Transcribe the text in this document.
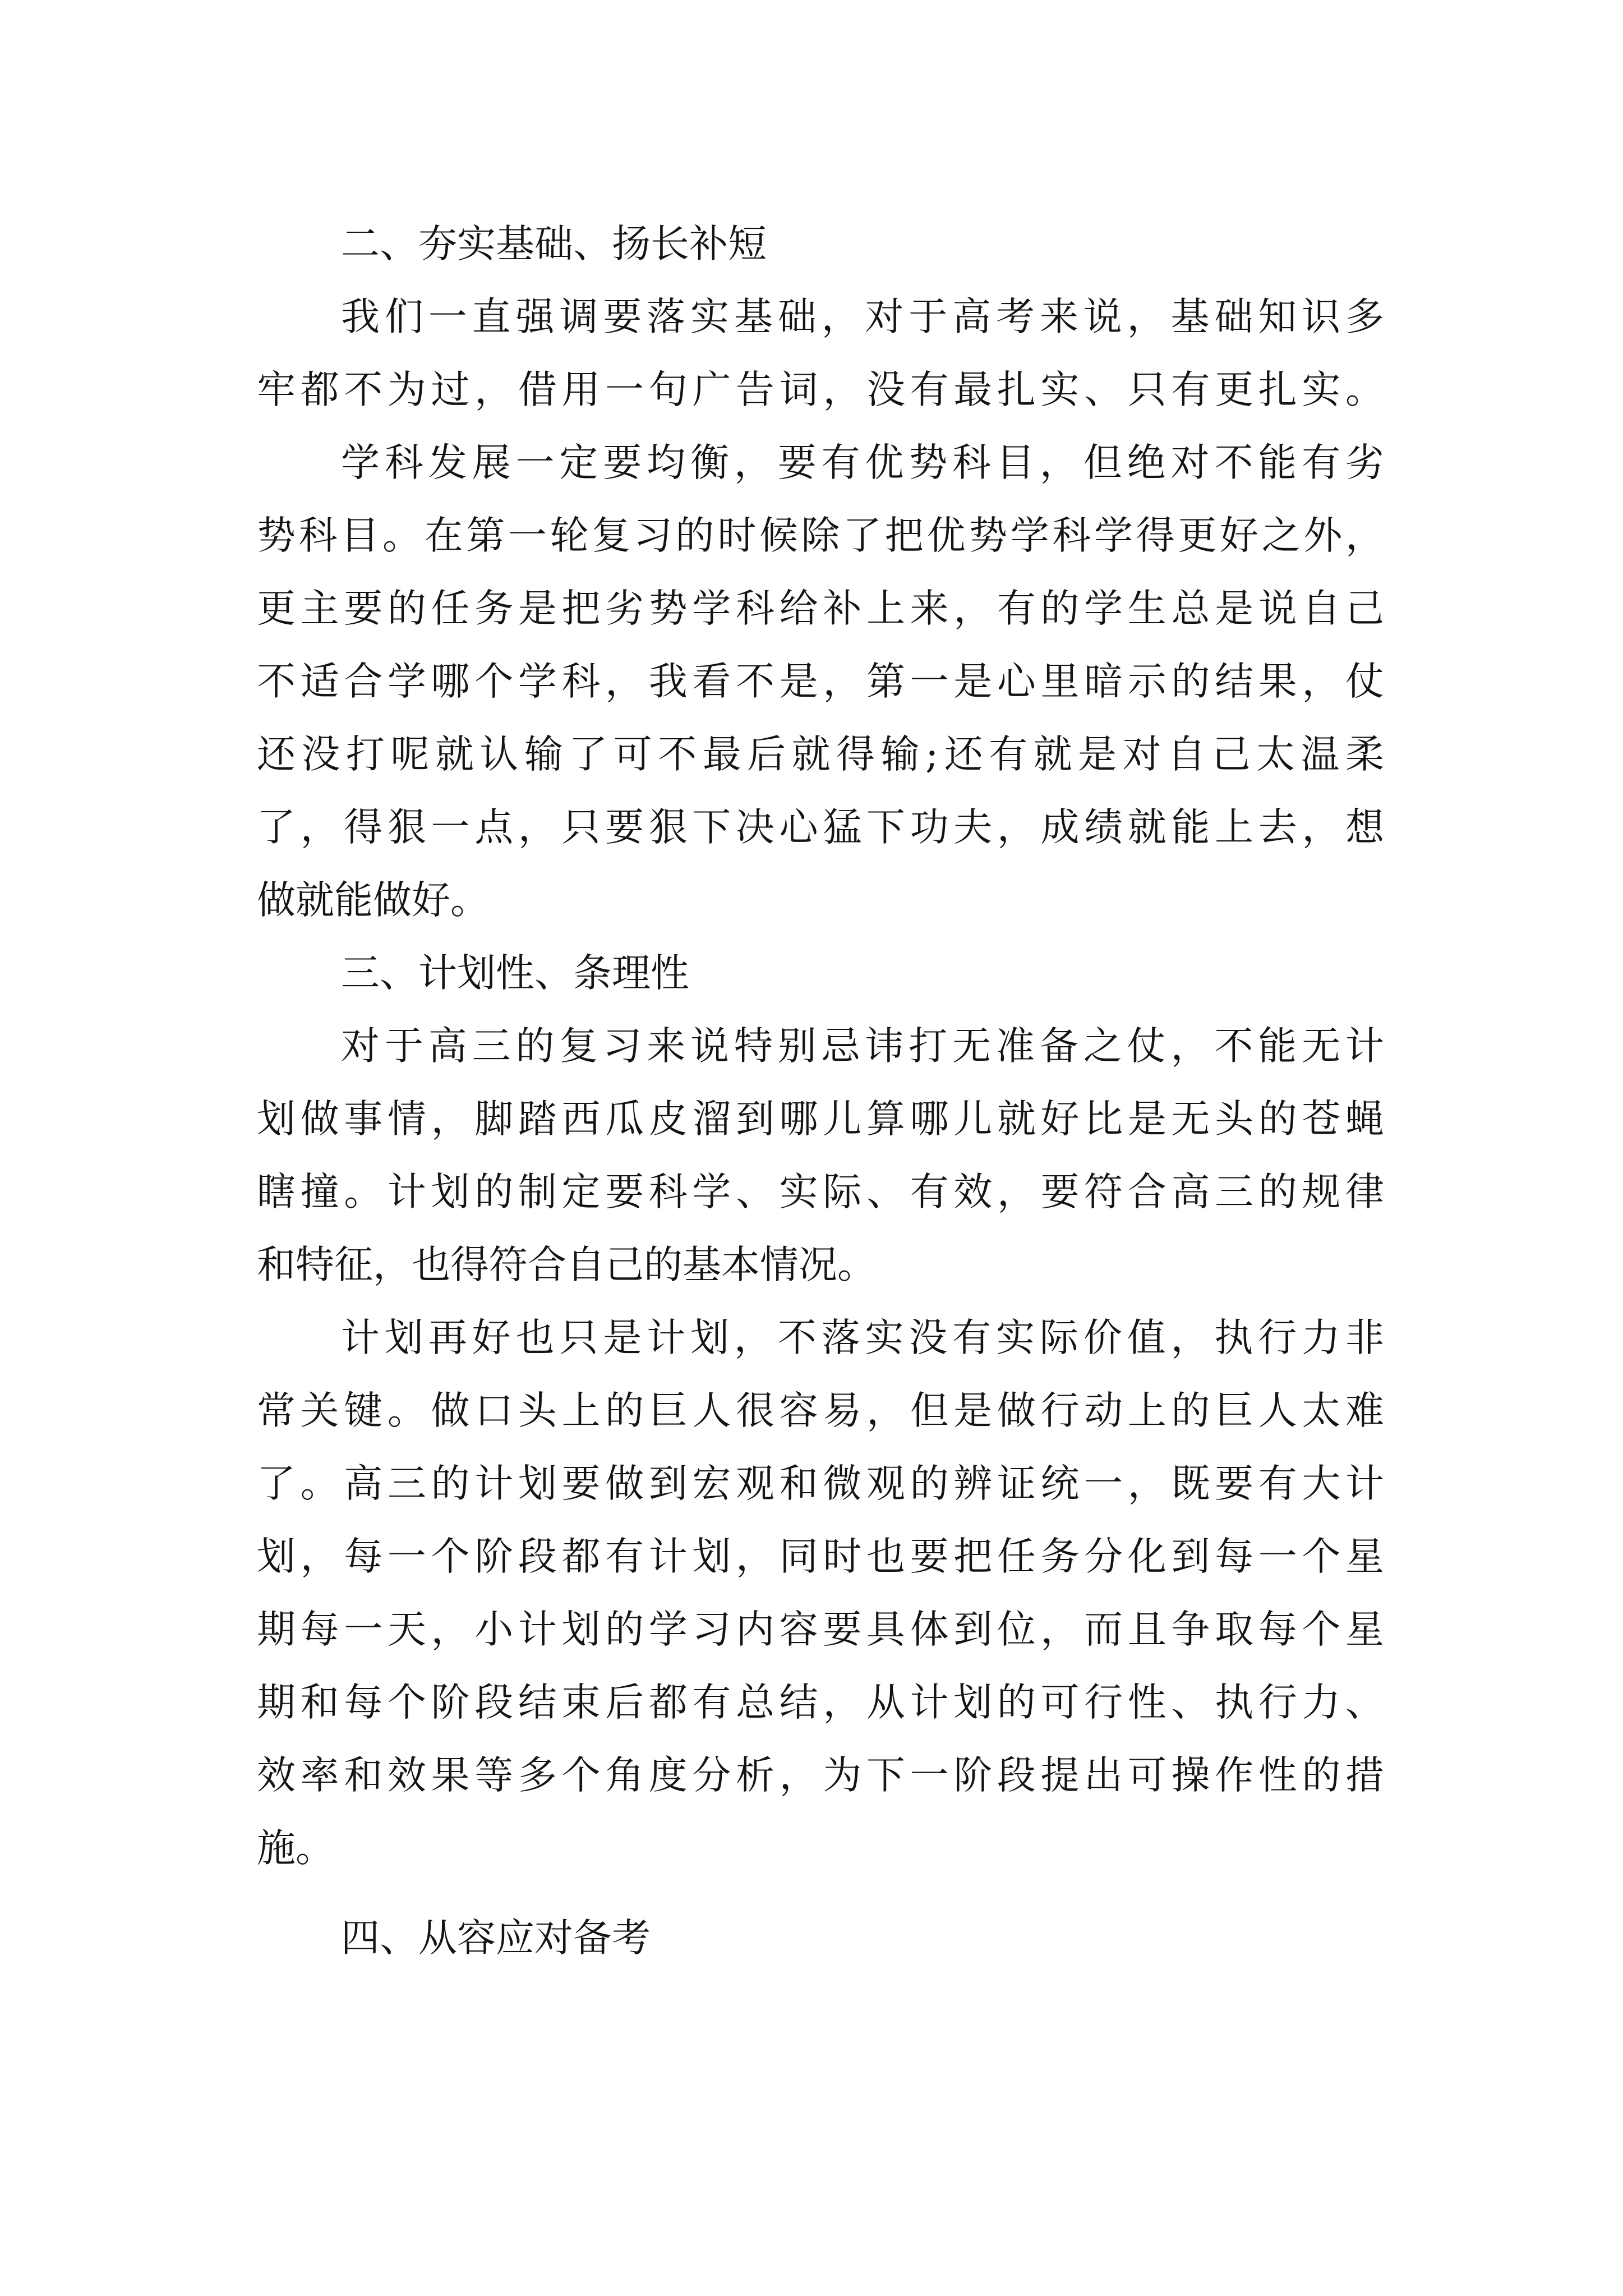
二、夯实基础、扬长补短
我们一直强调要落实基础，对于高考来说，基础知识多
牢都不为过，借用一句广告词，没有最扎实、只有更扎实。
学科发展一定要均衡，要有优势科目，但绝对不能有劣
势科目。在第一轮复习的时候除了把优势学科学得更好之外，
更主要的任务是把劣势学科给补上来，有的学生总是说自己
不适合学哪个学科，我看不是，第一是心里暗示的结果，仗
还没打呢就认输了可不最后就得输;还有就是对自己太温柔
了，得狠一点，只要狠下决心猛下功夫，成绩就能上去，想
做就能做好。
三、计划性、条理性
对于高三的复习来说特别忌讳打无准备之仗，不能无计
划做事情，脚踏西瓜皮溜到哪儿算哪儿就好比是无头的苍蝇
瞎撞。计划的制定要科学、实际、有效，要符合高三的规律
和特征，也得符合自己的基本情况。
计划再好也只是计划，不落实没有实际价值，执行力非
常关键。做口头上的巨人很容易，但是做行动上的巨人太难
了。高三的计划要做到宏观和微观的辨证统一，既要有大计
划，每一个阶段都有计划，同时也要把任务分化到每一个星
期每一天，小计划的学习内容要具体到位，而且争取每个星
期和每个阶段结束后都有总结，从计划的可行性、执行力、
效率和效果等多个角度分析，为下一阶段提出可操作性的措
施。
四、从容应对备考
